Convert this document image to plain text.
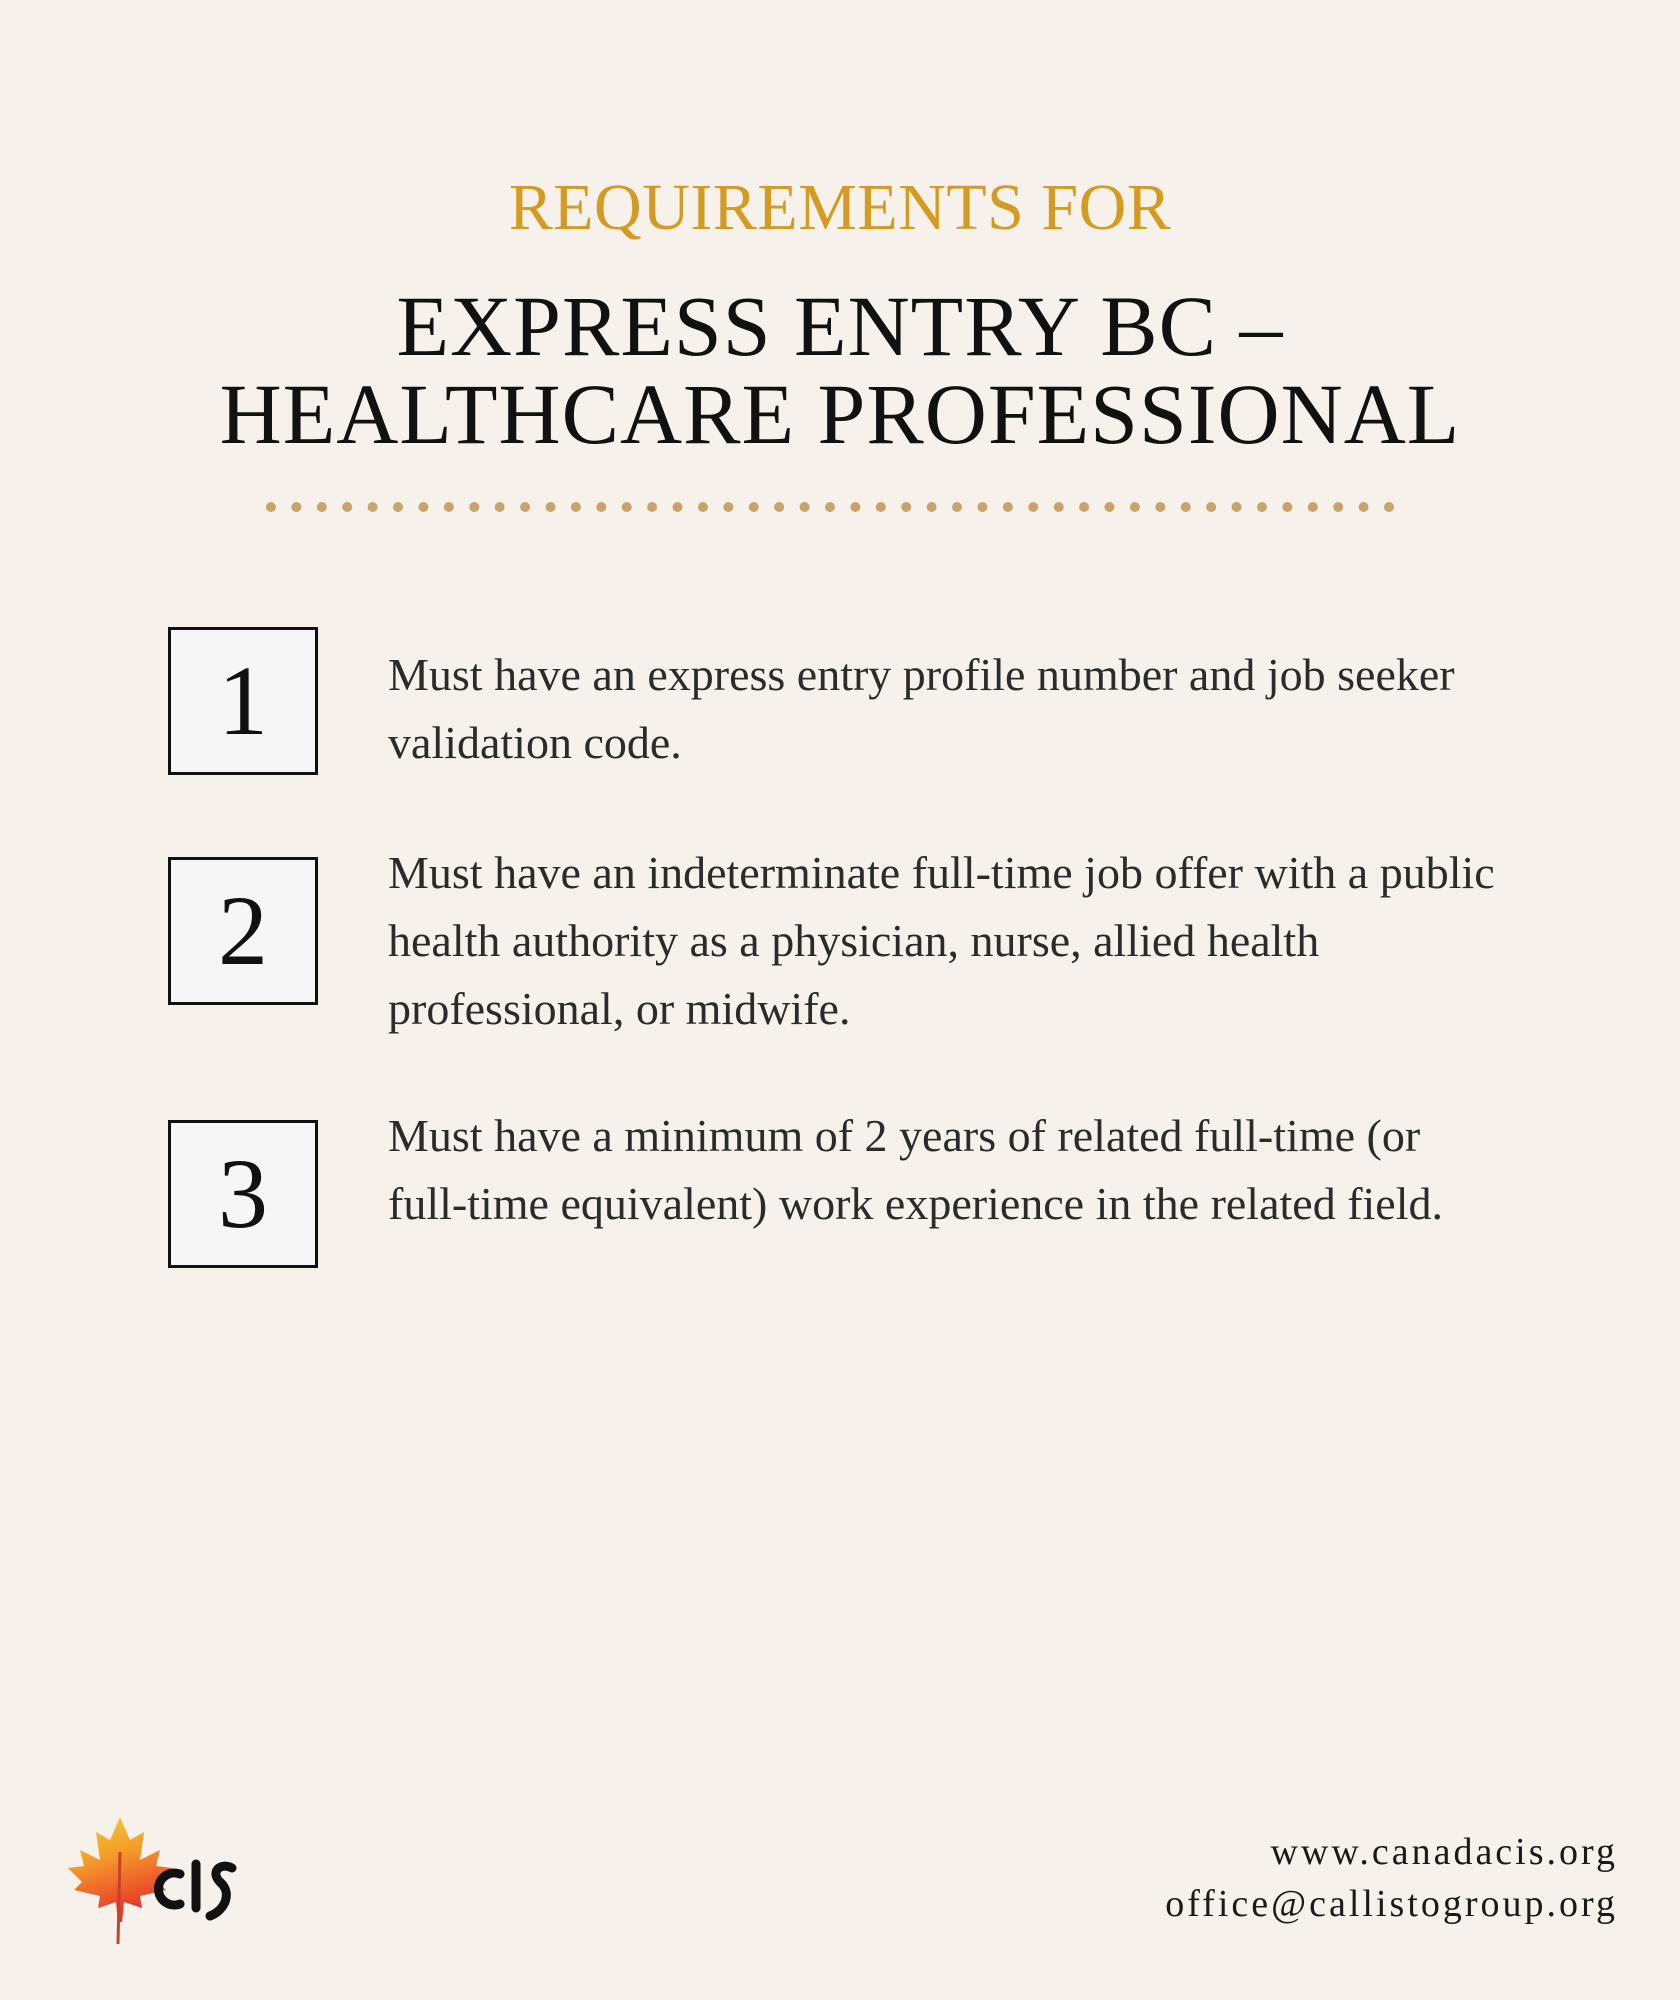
REQUIREMENTS FOR
EXPRESS ENTRY BC –
HEALTHCARE PROFESSIONAL
1	Must have an express entry profile number and job seeker validation code.
2
Must have an indeterminate full-time job offer with a public health authority as a physician, nurse, allied health professional, or midwife.
3
Must have a minimum of 2 years of related full-time (or full-time equivalent) work experience in the related field.
www.canadacis.org
office@callistogroup.org
